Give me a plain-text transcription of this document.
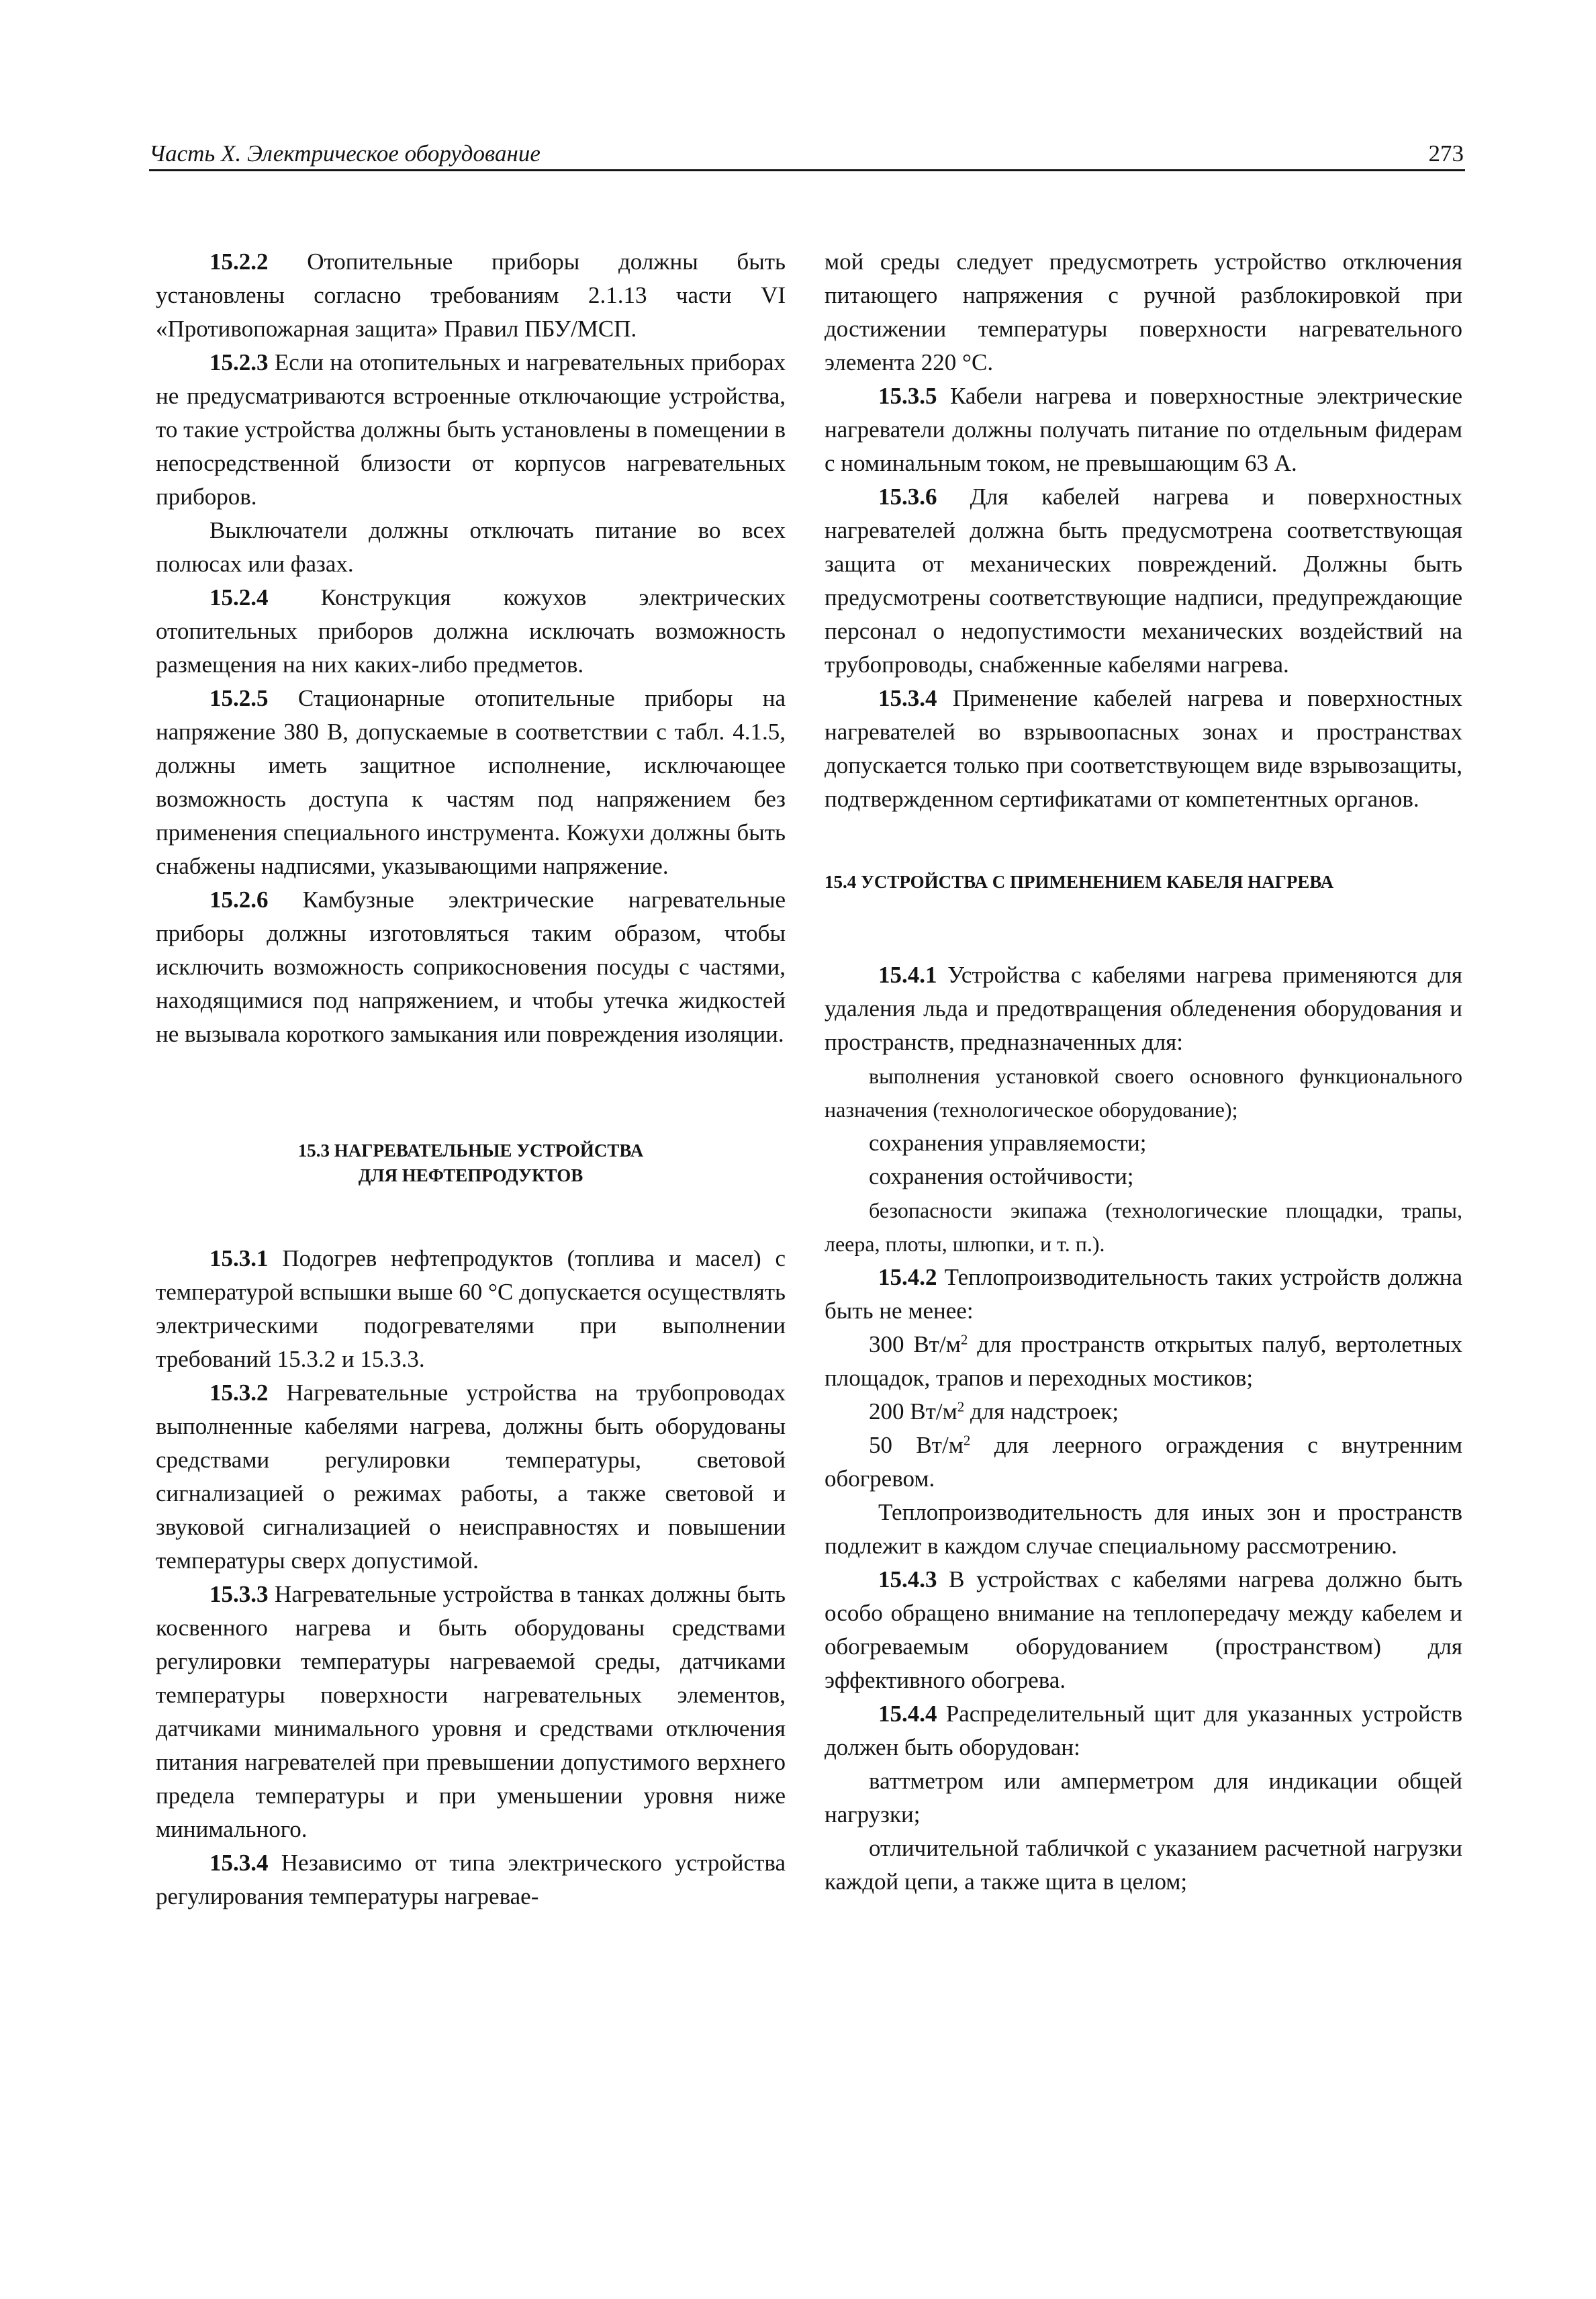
Часть X. Электрическое оборудование	273

15.2.2 Отопительные приборы должны быть установлены согласно требованиям 2.1.13 части VI «Противопожарная защита» Правил ПБУ/МСП.

15.2.3 Если на отопительных и нагревательных приборах не предусматриваются встроенные отключающие устройства, то такие устройства должны быть установлены в помещении в непосредственной близости от корпусов нагревательных приборов.

Выключатели должны отключать питание во всех полюсах или фазах.

15.2.4 Конструкция кожухов электрических отопительных приборов должна исключать возможность размещения на них каких-либо предметов.

15.2.5 Стационарные отопительные приборы на напряжение 380 В, допускаемые в соответствии с табл. 4.1.5, должны иметь защитное исполнение, исключающее возможность доступа к частям под напряжением без применения специального инструмента. Кожухи должны быть снабжены надписями, указывающими напряжение.

15.2.6 Камбузные электрические нагревательные приборы должны изготовляться таким образом, чтобы исключить возможность соприкосновения посуды с частями, находящимися под напряжением, и чтобы утечка жидкостей не вызывала короткого замыкания или повреждения изоляции.

15.3 НАГРЕВАТЕЛЬНЫЕ УСТРОЙСТВА
ДЛЯ НЕФТЕПРОДУКТОВ

15.3.1 Подогрев нефтепродуктов (топлива и масел) с температурой вспышки выше 60 °С допускается осуществлять электрическими подогревателями при выполнении требований 15.3.2 и 15.3.3.

15.3.2 Нагревательные устройства на трубопроводах выполненные кабелями нагрева, должны быть оборудованы средствами регулировки температуры, световой сигнализацией о режимах работы, а также световой и звуковой сигнализацией о неисправностях и повышении температуры сверх допустимой.

15.3.3 Нагревательные устройства в танках должны быть косвенного нагрева и быть оборудованы средствами регулировки температуры нагреваемой среды, датчиками температуры поверхности нагревательных элементов, датчиками минимального уровня и средствами отключения питания нагревателей при превышении допустимого верхнего предела температуры и при уменьшении уровня ниже минимального.

15.3.4 Независимо от типа электрического устройства регулирования температуры нагревае-

мой среды следует предусмотреть устройство отключения питающего напряжения с ручной разблокировкой при достижении температуры поверхности нагревательного элемента 220 °С.

15.3.5 Кабели нагрева и поверхностные электрические нагреватели должны получать питание по отдельным фидерам с номинальным током, не превышающим 63 А.

15.3.6 Для кабелей нагрева и поверхностных нагревателей должна быть предусмотрена соответствующая защита от механических повреждений. Должны быть предусмотрены соответствующие надписи, предупреждающие персонал о недопустимости механических воздействий на трубопроводы, снабженные кабелями нагрева.

15.3.4 Применение кабелей нагрева и поверхностных нагревателей во взрывоопасных зонах и пространствах допускается только при соответствующем виде взрывозащиты, подтвержденном сертификатами от компетентных органов.

15.4 УСТРОЙСТВА С ПРИМЕНЕНИЕМ КАБЕЛЯ НАГРЕВА

15.4.1 Устройства с кабелями нагрева применяются для удаления льда и предотвращения обледенения оборудования и пространств, предназначенных для:

выполнения установкой своего основного функционального назначения (технологическое оборудование);

сохранения управляемости;

сохранения остойчивости;

безопасности экипажа (технологические площадки, трапы, леера, плоты, шлюпки, и т. п.).

15.4.2 Теплопроизводительность таких устройств должна быть не менее:

300 $Вт/м^2$ для пространств открытых палуб, вертолетных площадок, трапов и переходных мостиков;

200 $Вт/м^2$ для надстроек;

50 $Вт/м^2$ для леерного ограждения с внутренним обогревом.

Теплопроизводительность для иных зон и пространств подлежит в каждом случае специальному рассмотрению.

15.4.3 В устройствах с кабелями нагрева должно быть особо обращено внимание на теплопередачу между кабелем и обогреваемым оборудованием (пространством) для эффективного обогрева.

15.4.4 Распределительный щит для указанных устройств должен быть оборудован:

ваттметром или амперметром для индикации общей нагрузки;

отличительной табличкой с указанием расчетной нагрузки каждой цепи, а также щита в целом;
